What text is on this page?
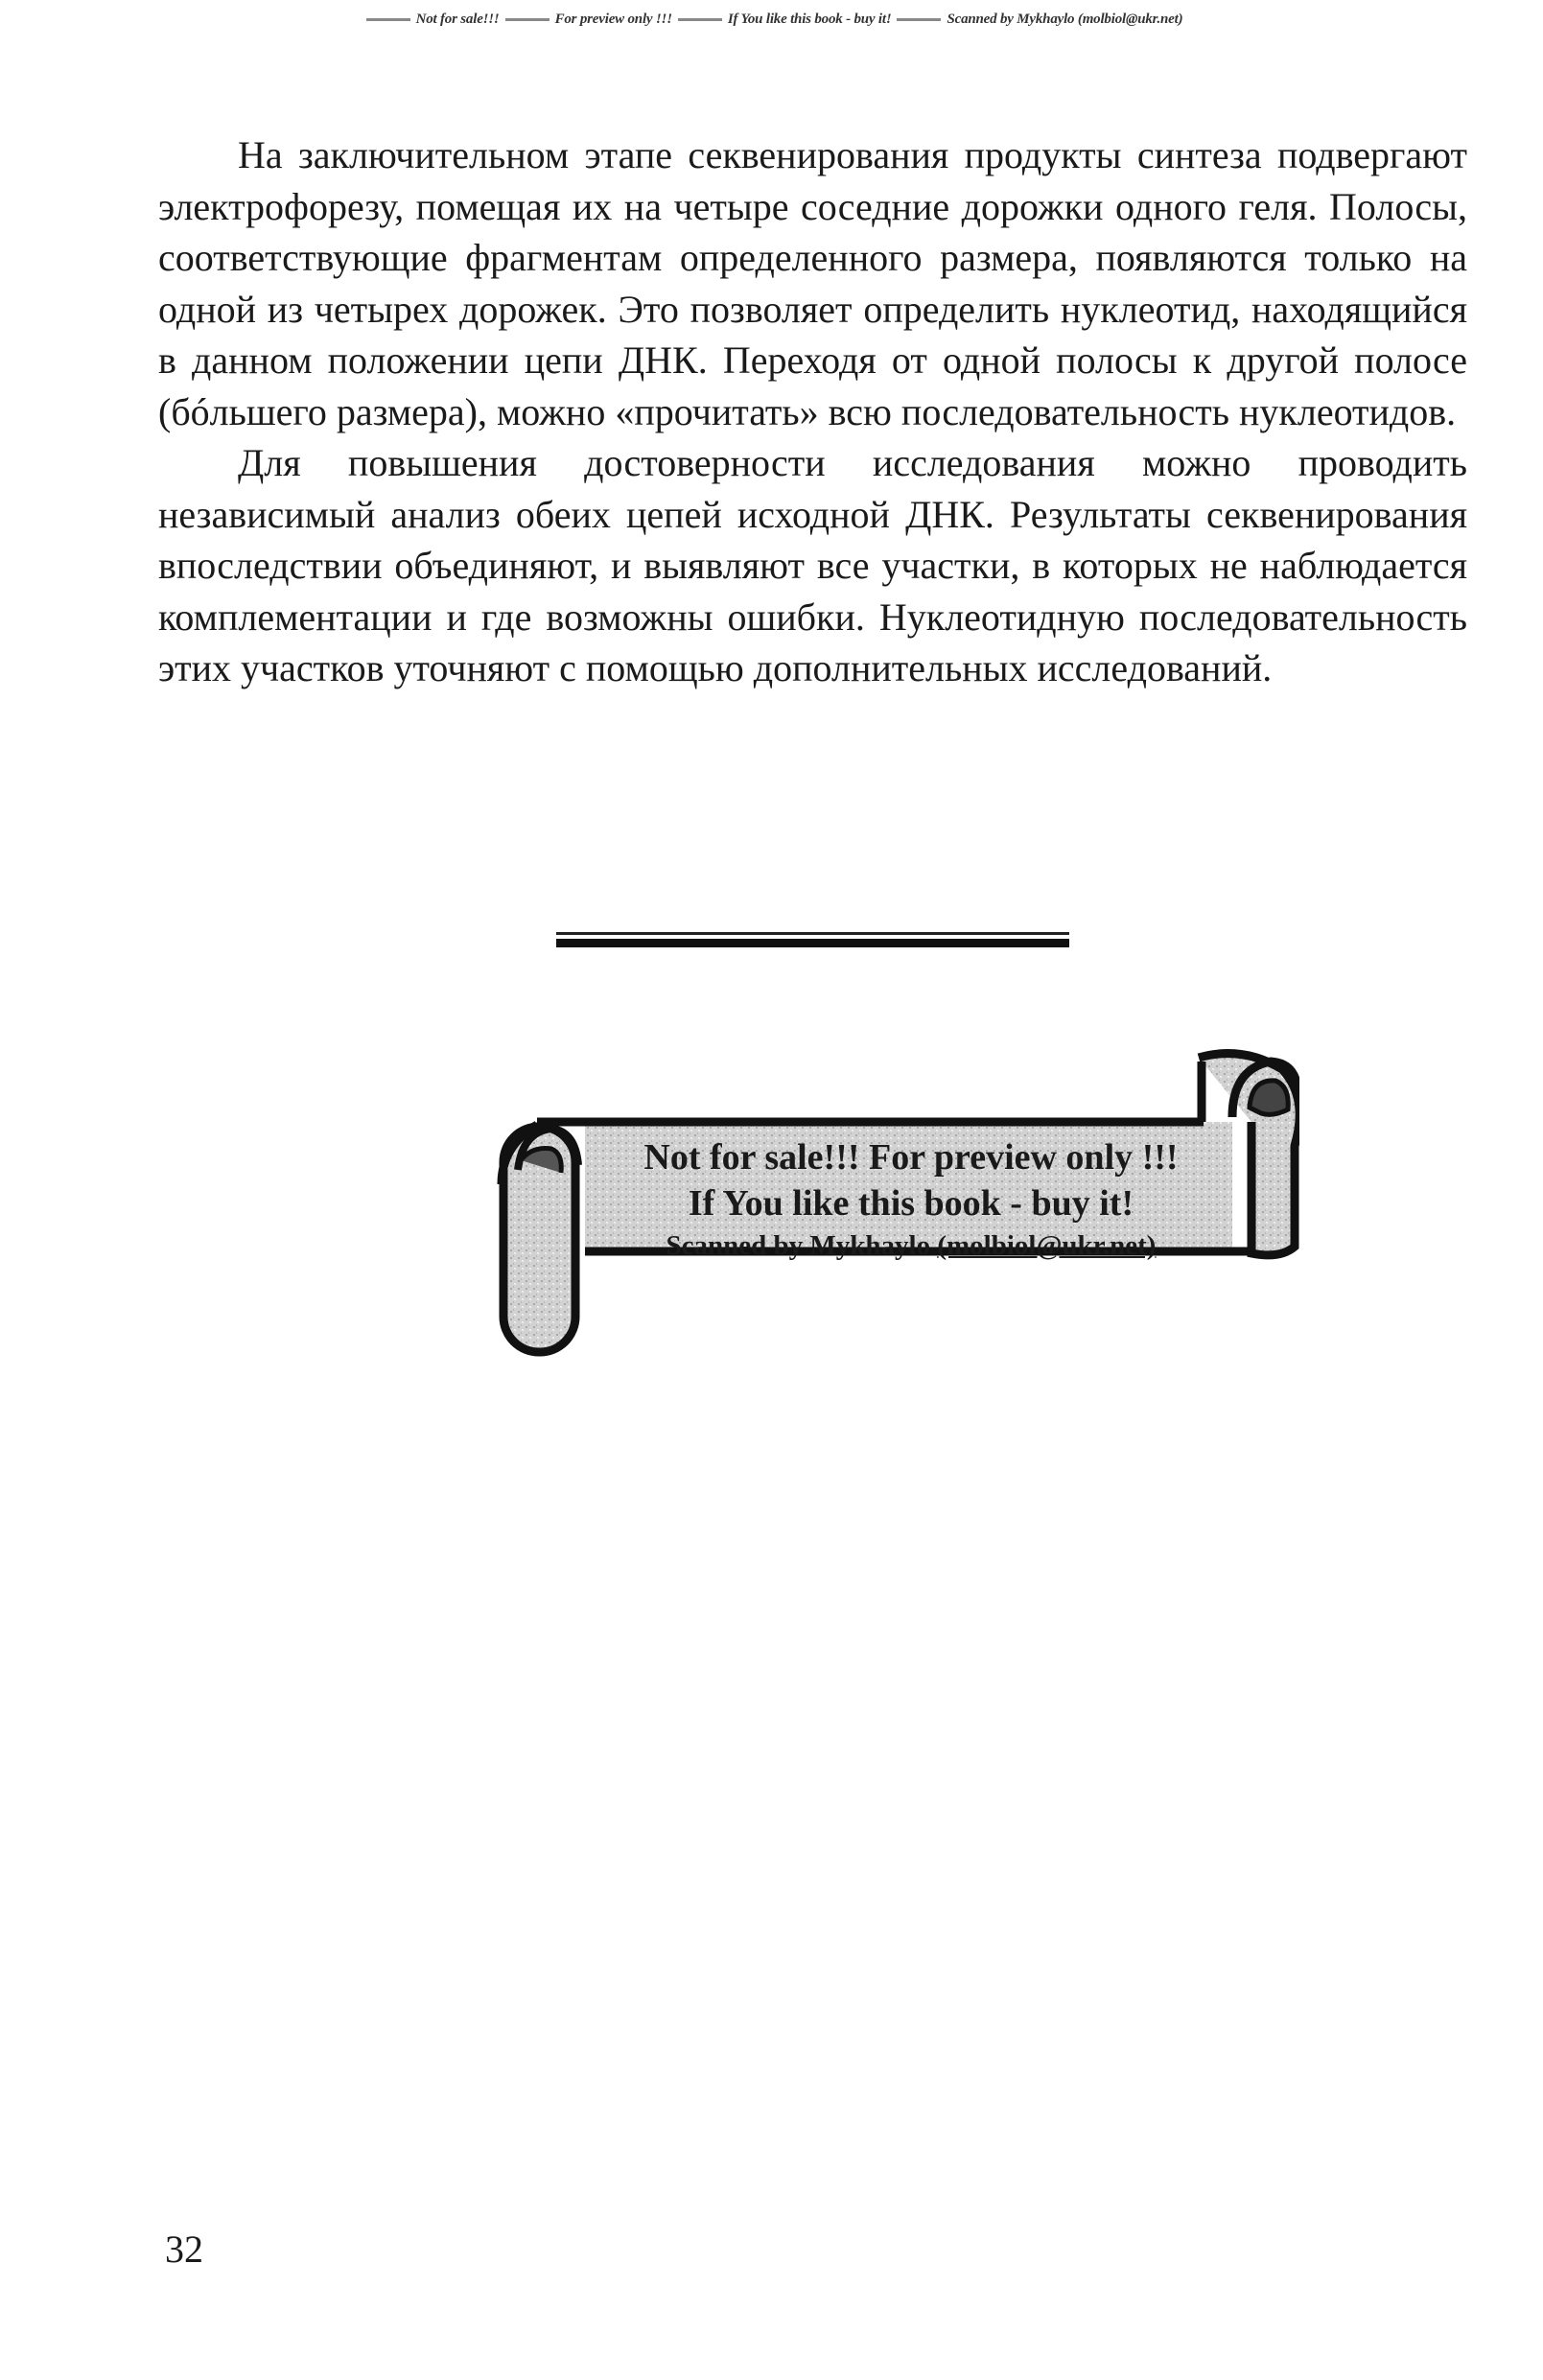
Not for sale!!!	For preview only !!!	If You like this book - buy it!	Scanned by Mykhaylo (molbiol@ukr.net)

На заключительном этапе секвенирования продукты синтеза подвергают электрофорезу, помещая их на четыре соседние дорожки одного геля. Полосы, соответствующие фрагментам определенного размера, появляются только на одной из четырех дорожек. Это позволяет определить нуклеотид, находящийся в данном положении цепи ДНК. Переходя от одной полосы к другой полосе (бóльшего размера), можно «прочитать» всю последовательность нуклеотидов.

Для повышения достоверности исследования можно проводить независимый анализ обеих цепей исходной ДНК. Результаты секвенирования впоследствии объединяют, и выявляют все участки, в которых не наблюдается комплементации и где возможны ошибки. Нуклеотидную последовательность этих участков уточняют с помощью дополнительных исследований.

Not for sale!!! For preview only !!!
If You like this book - buy it!
Scanned by Mykhaylo (molbiol@ukr.net)
32
